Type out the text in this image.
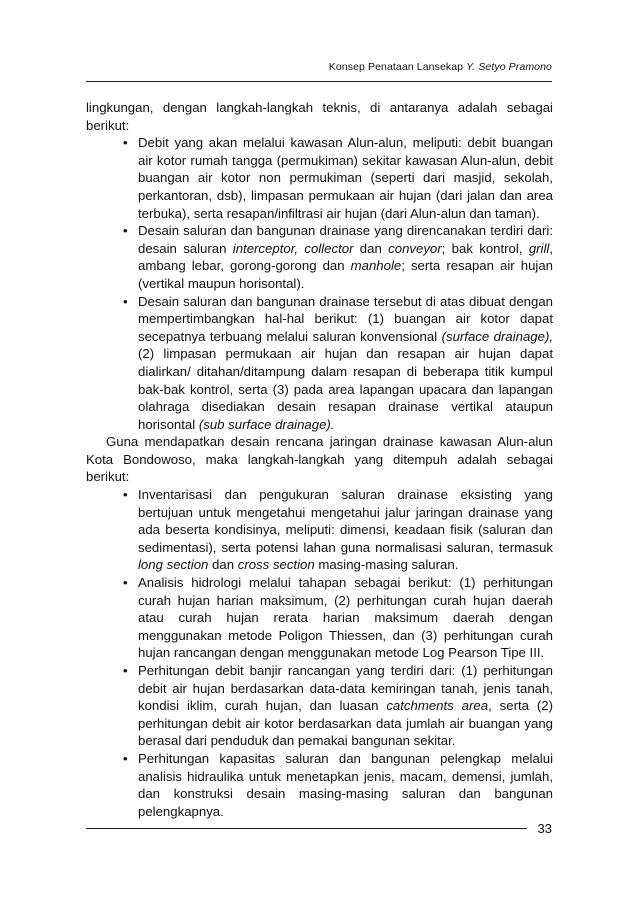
Konsep Penataan Lansekap Y. Setyo Pramono

lingkungan, dengan langkah-langkah teknis, di antaranya adalah sebagai berikut:

• Debit yang akan melalui kawasan Alun-alun, meliputi: debit buangan air kotor rumah tangga (permukiman) sekitar kawasan Alun-alun, debit buangan air kotor non permukiman (seperti dari masjid, sekolah, perkantoran, dsb), limpasan permukaan air hujan (dari jalan dan area terbuka), serta resapan/infiltrasi air hujan (dari Alun-alun dan taman).
• Desain saluran dan bangunan drainase yang direncanakan terdiri dari: desain saluran interceptor, collector dan conveyor; bak kontrol, grill, ambang lebar, gorong-gorong dan manhole; serta resapan air hujan (vertikal maupun horisontal).
• Desain saluran dan bangunan drainase tersebut di atas dibuat dengan mempertimbangkan hal-hal berikut: (1) buangan air kotor dapat secepatnya terbuang melalui saluran konvensional (surface drainage), (2) limpasan permukaan air hujan dan resapan air hujan dapat dialirkan/ ditahan/ditampung dalam resapan di beberapa titik kumpul bak-bak kontrol, serta (3) pada area lapangan upacara dan lapangan olahraga disediakan desain resapan drainase vertikal ataupun horisontal (sub surface drainage).

Guna mendapatkan desain rencana jaringan drainase kawasan Alun-alun Kota Bondowoso, maka langkah-langkah yang ditempuh adalah sebagai berikut:

• Inventarisasi dan pengukuran saluran drainase eksisting yang bertujuan untuk mengetahui mengetahui jalur jaringan drainase yang ada beserta kondisinya, meliputi: dimensi, keadaan fisik (saluran dan sedimentasi), serta potensi lahan guna normalisasi saluran, termasuk long section dan cross section masing-masing saluran.
• Analisis hidrologi melalui tahapan sebagai berikut: (1) perhitungan curah hujan harian maksimum, (2) perhitungan curah hujan daerah atau curah hujan rerata harian maksimum daerah dengan menggunakan metode Poligon Thiessen, dan (3) perhitungan curah hujan rancangan dengan menggunakan metode Log Pearson Tipe III.
• Perhitungan debit banjir rancangan yang terdiri dari: (1) perhitungan debit air hujan berdasarkan data-data kemiringan tanah, jenis tanah, kondisi iklim, curah hujan, dan luasan catchments area, serta (2) perhitungan debit air kotor berdasarkan data jumlah air buangan yang berasal dari penduduk dan pemakai bangunan sekitar.
• Perhitungan kapasitas saluran dan bangunan pelengkap melalui analisis hidraulika untuk menetapkan jenis, macam, demensi, jumlah, dan konstruksi desain masing-masing saluran dan bangunan pelengkapnya.
33
